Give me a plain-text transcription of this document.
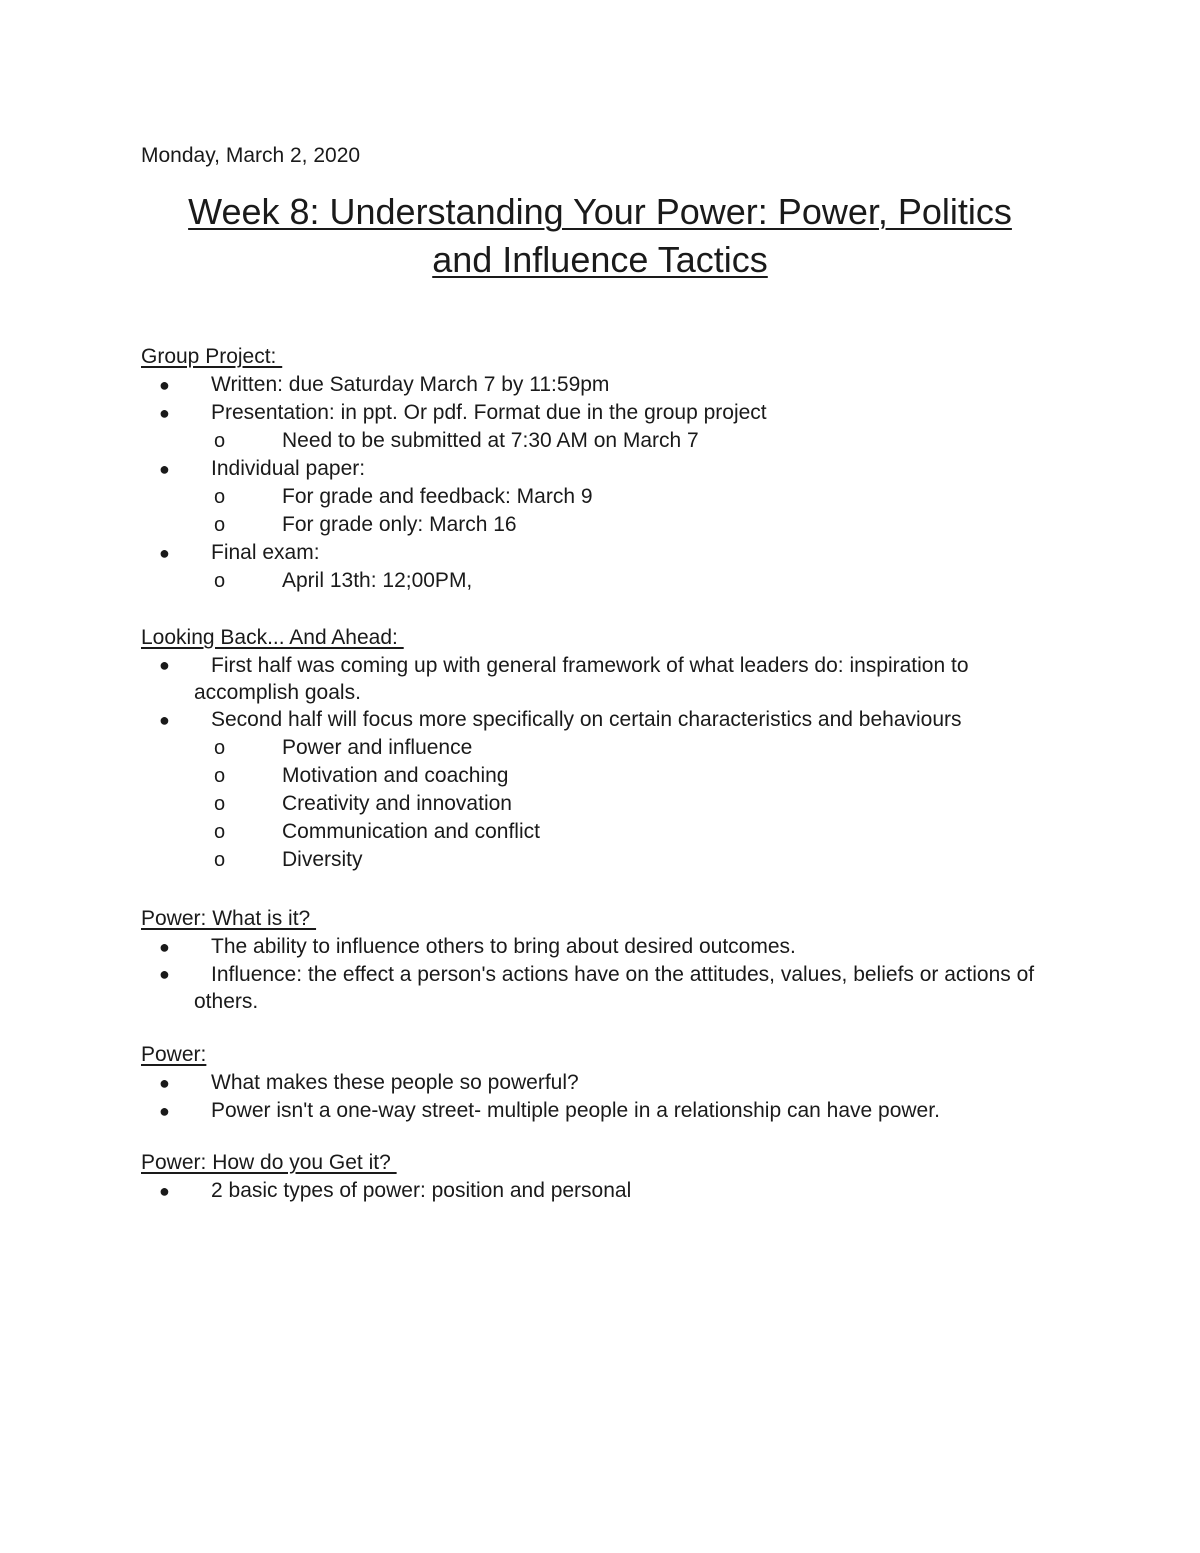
Monday, March 2, 2020
Week 8: Understanding Your Power: Power, Politics
and Influence Tactics
Group Project:
● Written: due Saturday March 7 by 11:59pm
● Presentation: in ppt. Or pdf. Format due in the group project
o	Need to be submitted at 7:30 AM on March 7
● Individual paper:
o	For grade and feedback: March 9
o	For grade only: March 16
● Final exam:
o	April 13th: 12;00PM,
Looking Back... And Ahead:
●	First half was coming up with general framework of what leaders do: inspiration to accomplish goals.
● Second half will focus more specifically on certain characteristics and behaviours
o	Power and influence
o	Motivation and coaching
o	Creativity and innovation
o	Communication and conflict
o	Diversity
Power: What is it?
● The ability to influence others to bring about desired outcomes.
●	Influence: the effect a person's actions have on the attitudes, values, beliefs or actions of others.
Power:
● What makes these people so powerful?
● Power isn't a one-way street- multiple people in a relationship can have power.
Power: How do you Get it?
● 2 basic types of power: position and personal
